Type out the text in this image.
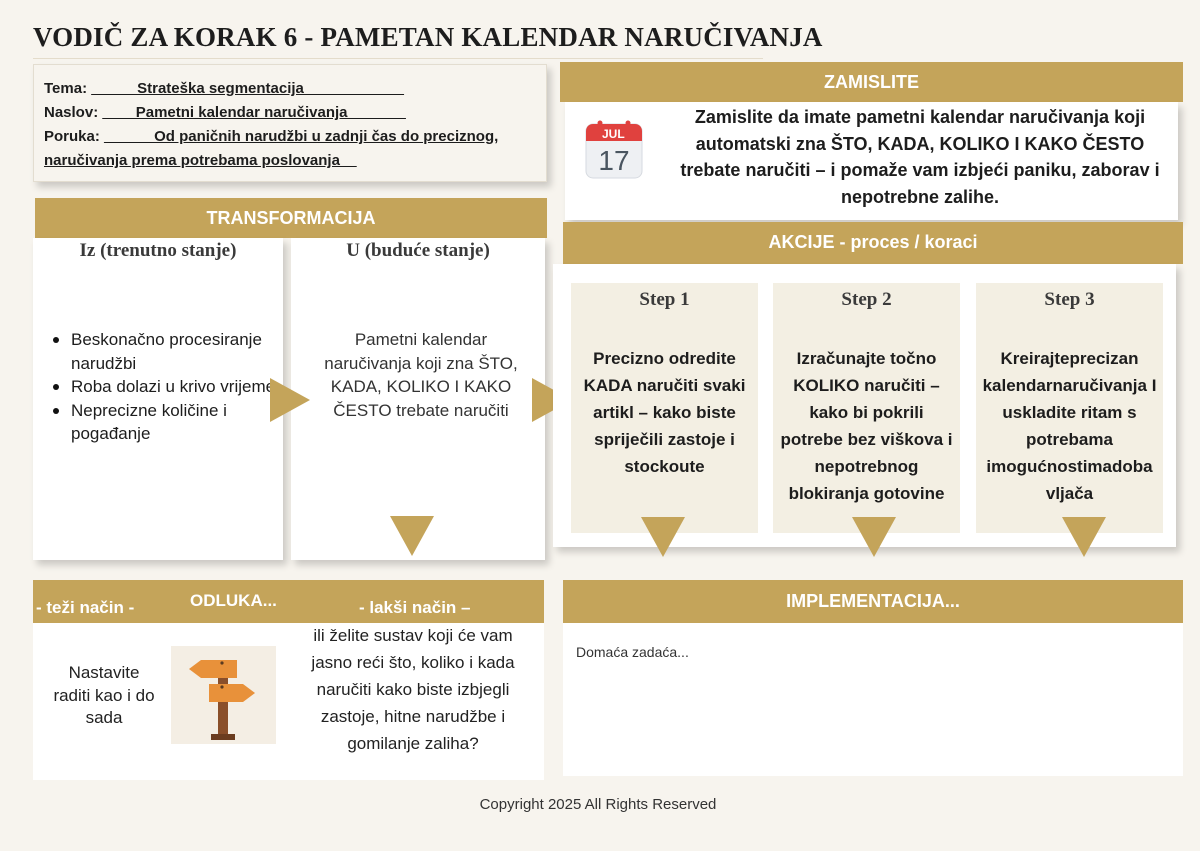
VODIČ ZA KORAK 6 - PAMETAN KALENDAR NARUČIVANJA
Tema: _____ Strateška segmentacija____________
Naslov: ____Pametni kalendar naručivanja_______
Poruka: ______Od paničnih narudžbi u zadnji čas do preciznog, naručivanja prema potrebama poslovanja__
ZAMISLITE
JUL
17
Zamislite da imate pametni kalendar naručivanja koji automatski zna ŠTO, KADA, KOLIKO I KAKO ČESTO trebate naručiti – i pomaže vam izbjeći paniku, zaborav i nepotrebne zalihe.
TRANSFORMACIJA
Iz (trenutno stanje)
Beskonačno procesiranje narudžbi
Roba dolazi u krivo vrijeme
Neprecizne količine i pogađanje
U (buduće stanje)
Pametni kalendar naručivanja koji zna ŠTO, KADA, KOLIKO I KAKO ČESTO trebate naručiti
AKCIJE - proces / koraci
Step 1
Precizno odredite KADA naručiti svaki artikl – kako biste spriječili zastoje i stockoute
Step 2
Izračunajte točno KOLIKO naručiti – kako bi pokrili potrebe bez viškova i nepotrebnog blokiranja gotovine
Step 3
Kreirajteprecizan kalendarnaručivanja I uskladite ritam s potrebama imogućnostimadoba vljača
- teži način -	ODLUKA...	- lakši način –
Nastavite raditi kao i do sada
ili želite sustav koji će vam jasno reći što, koliko i kada naručiti kako biste izbjegli zastoje, hitne narudžbe i gomilanje zaliha?
IMPLEMENTACIJA...
Domaća zadaća...
Copyright 2025 All Rights Reserved
